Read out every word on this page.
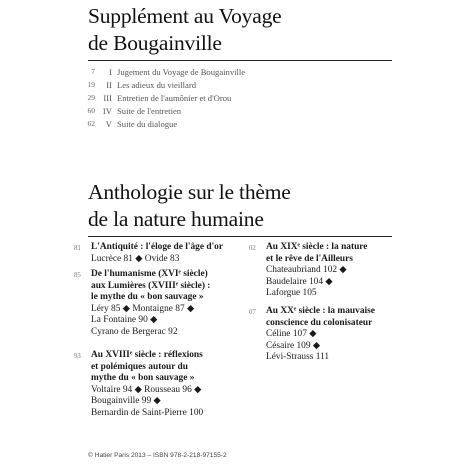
Supplément au Voyage
de Bougainville
7	I Jugement du Voyage de Bougainville
19	II Les adieux du vieillard
29 III Entretien de l'aumônier et d'Orou
60 IV Suite de l'entretien
62	V Suite du dialogue
Anthologie sur le thème
de la nature humaine
81 L'Antiquité : l'éloge de l'âge d'or
Lucrèce 81 ◆ Ovide 83
85 De l'humanisme (XVIᵉ siècle)
aux Lumières (XVIIIᵉ siècle) :
le mythe du « bon sauvage »
Léry 85 ◆ Montaigne 87 ◆
La Fontaine 90 ◆
Cyrano de Bergerac 92
93 Au XVIIIᵉ siècle : réflexions
et polémiques autour du
mythe du « bon sauvage »
Voltaire 94 ◆ Rousseau 96 ◆
Bougainville 99 ◆
Bernardin de Saint-Pierre 100
02 Au XIXᵉ siècle : la nature
et le rêve de l'Ailleurs
Chateaubriand 102 ◆
Baudelaire 104 ◆
Laforgue 105
07 Au XXᵉ siècle : la mauvaise
conscience du colonisateur
Céline 107 ◆
Césaire 109 ◆
Lévi-Strauss 111
© Hatier Paris 2013 – ISBN 978-2-218-97155-2
